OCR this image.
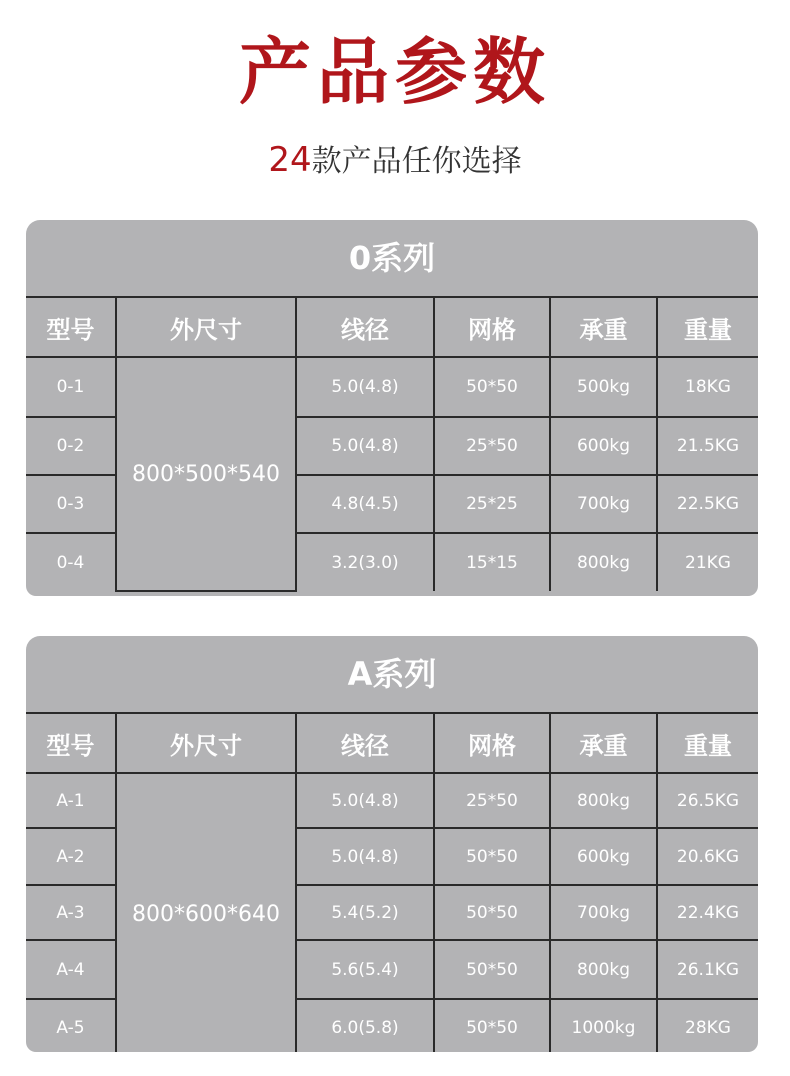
产品参数
24款产品任你选择
0系列
型号	外尺寸	线径	网格	承重	重量
0-1	800*500*540	5.0(4.8)	50*50	500kg	18KG
0-2		5.0(4.8)	25*50	600kg	21.5KG
0-3		4.8(4.5)	25*25	700kg	22.5KG
0-4		3.2(3.0)	15*15	800kg	21KG
A系列
型号	外尺寸	线径	网格	承重	重量
A-1	800*600*640	5.0(4.8)	25*50	800kg	26.5KG
A-2		5.0(4.8)	50*50	600kg	20.6KG
A-3		5.4(5.2)	50*50	700kg	22.4KG
A-4		5.6(5.4)	50*50	800kg	26.1KG
A-5		6.0(5.8)	50*50	1000kg	28KG
